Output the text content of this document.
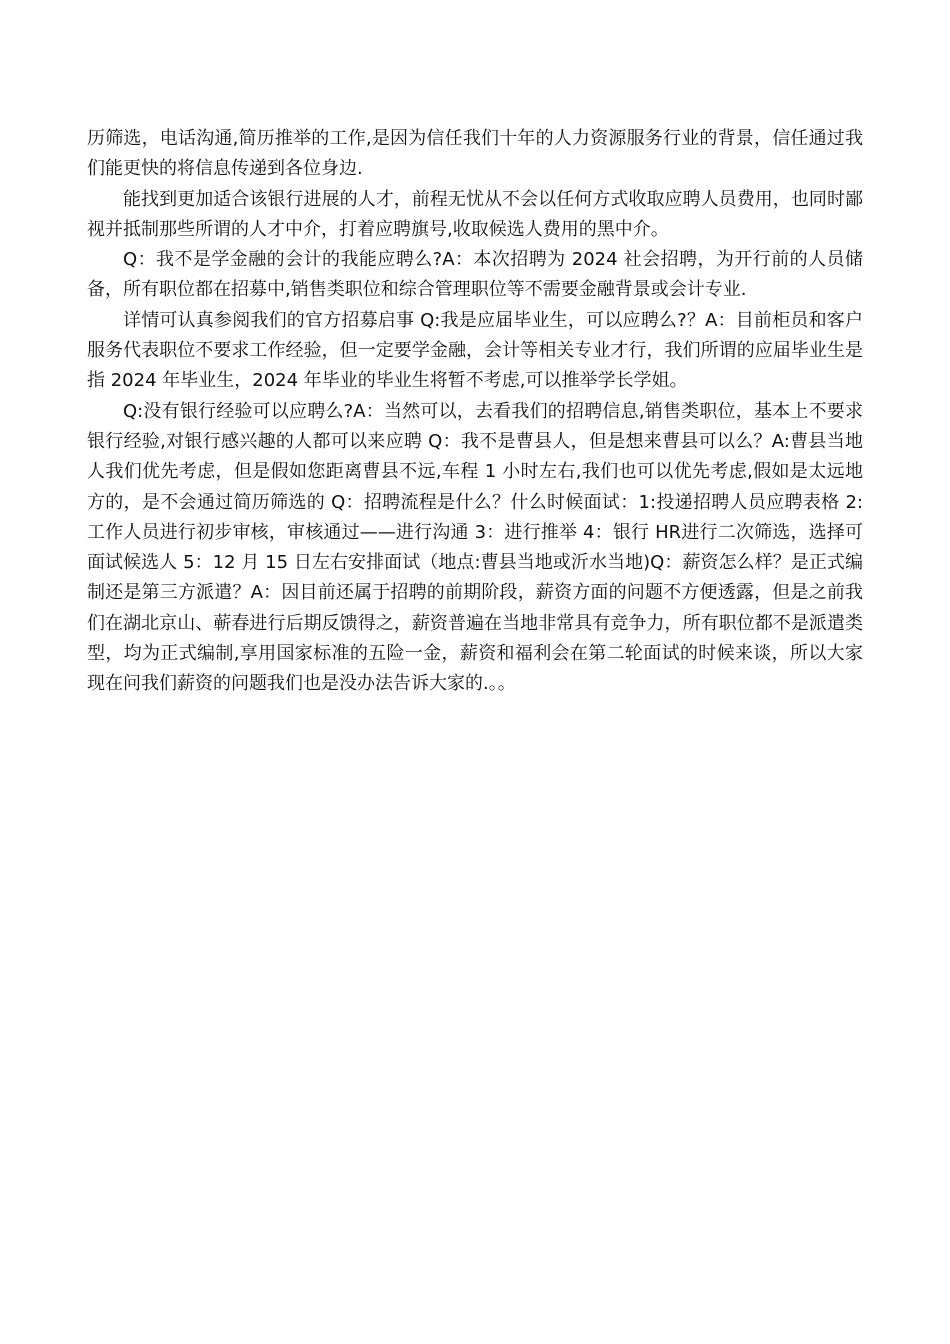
历筛选，电话沟通,简历推举的工作,是因为信任我们十年的人力资源服务行业的背景，信任通过我们能更快的将信息传递到各位身边.

能找到更加适合该银行进展的人才，前程无忧从不会以任何方式收取应聘人员费用，也同时鄙视并抵制那些所谓的人才中介，打着应聘旗号,收取候选人费用的黑中介。

Q：我不是学金融的会计的我能应聘么?A：本次招聘为 2024 社会招聘，为开行前的人员储备，所有职位都在招募中,销售类职位和综合管理职位等不需要金融背景或会计专业.

详情可认真参阅我们的官方招募启事 Q:我是应届毕业生，可以应聘么?？A：目前柜员和客户服务代表职位不要求工作经验，但一定要学金融，会计等相关专业才行，我们所谓的应届毕业生是指 2024 年毕业生，2024 年毕业的毕业生将暂不考虑,可以推举学长学姐。

Q:没有银行经验可以应聘么?A：当然可以，去看我们的招聘信息,销售类职位，基本上不要求银行经验,对银行感兴趣的人都可以来应聘 Q：我不是曹县人，但是想来曹县可以么？A:曹县当地人我们优先考虑，但是假如您距离曹县不远,车程 1 小时左右,我们也可以优先考虑,假如是太远地方的，是不会通过简历筛选的 Q：招聘流程是什么？什么时候面试：1:投递招聘人员应聘表格 2:工作人员进行初步审核，审核通过——进行沟通 3：进行推举 4：银行 HR进行二次筛选，选择可面试候选人 5：12 月 15 日左右安排面试（地点:曹县当地或沂水当地)Q：薪资怎么样？是正式编制还是第三方派遣？A：因目前还属于招聘的前期阶段，薪资方面的问题不方便透露，但是之前我们在湖北京山、蕲春进行后期反馈得之，薪资普遍在当地非常具有竞争力，所有职位都不是派遣类型，均为正式编制,享用国家标准的五险一金，薪资和福利会在第二轮面试的时候来谈，所以大家现在问我们薪资的问题我们也是没办法告诉大家的.。。
